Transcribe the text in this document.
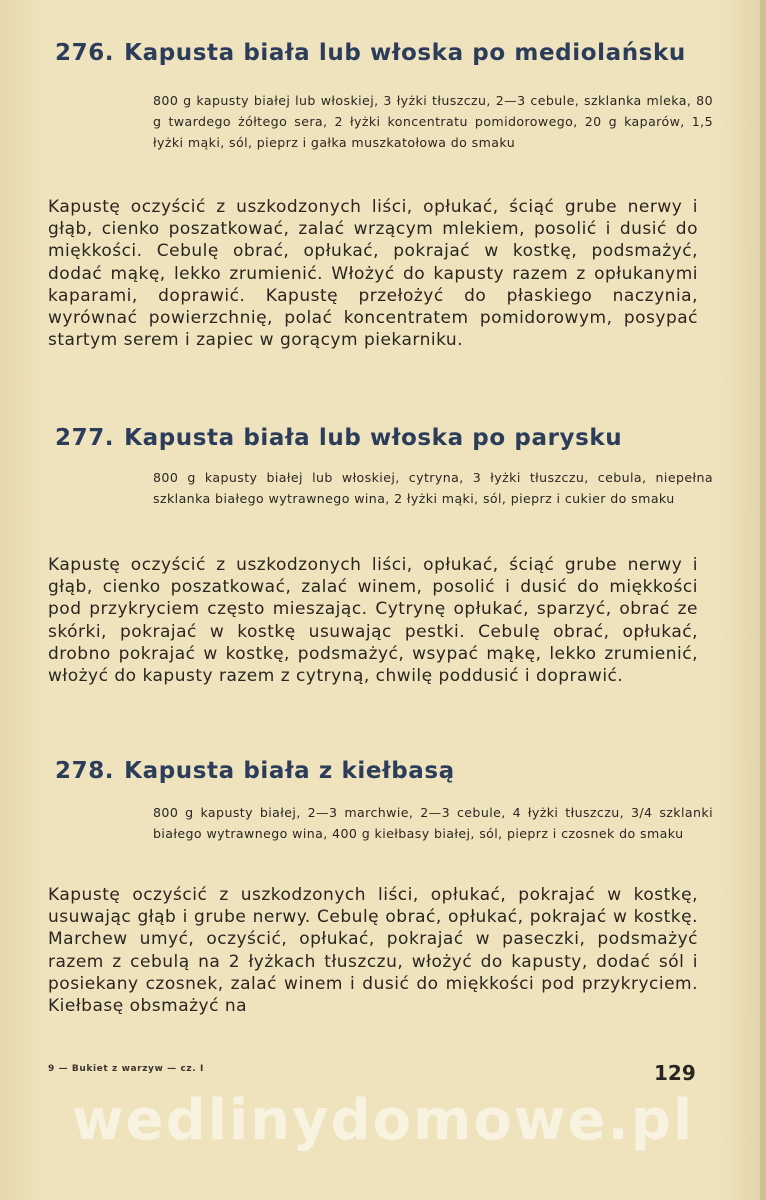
276. Kapusta biała lub włoska po mediolańsku

800 g kapusty białej lub włoskiej, 3 łyżki tłuszczu, 2—3 cebule, szklanka mleka, 80 g twardego żółtego sera, 2 łyżki koncentratu pomidorowego, 20 g kaparów, 1,5 łyżki mąki, sól, pieprz i gałka muszkatołowa do smaku

Kapustę oczyścić z uszkodzonych liści, opłukać, ściąć grube nerwy i głąb, cienko poszatkować, zalać wrzącym mlekiem, posolić i dusić do miękkości. Cebulę obrać, opłukać, pokrajać w kostkę, podsmażyć, dodać mąkę, lekko zrumienić. Włożyć do kapusty razem z opłukanymi kaparami, doprawić. Kapustę przełożyć do płaskiego naczynia, wyrównać powierzchnię, polać koncentratem pomidorowym, posypać startym serem i zapiec w gorącym piekarniku.

277. Kapusta biała lub włoska po parysku

800 g kapusty białej lub włoskiej, cytryna, 3 łyżki tłuszczu, cebula, niepełna szklanka białego wytrawnego wina, 2 łyżki mąki, sól, pieprz i cukier do smaku

Kapustę oczyścić z uszkodzonych liści, opłukać, ściąć grube nerwy i głąb, cienko poszatkować, zalać winem, posolić i dusić do miękkości pod przykryciem często mieszając. Cytrynę opłukać, sparzyć, obrać ze skórki, pokrajać w kostkę usuwając pestki. Cebulę obrać, opłukać, drobno pokrajać w kostkę, podsmażyć, wsypać mąkę, lekko zrumienić, włożyć do kapusty razem z cytryną, chwilę poddusić i doprawić.

278. Kapusta biała z kiełbasą

800 g kapusty białej, 2—3 marchwie, 2—3 cebule, 4 łyżki tłuszczu, 3/4 szklanki białego wytrawnego wina, 400 g kiełbasy białej, sól, pieprz i czosnek do smaku

Kapustę oczyścić z uszkodzonych liści, opłukać, pokrajać w kostkę, usuwając głąb i grube nerwy. Cebulę obrać, opłukać, pokrajać w kostkę. Marchew umyć, oczyścić, opłukać, pokrajać w paseczki, podsmażyć razem z cebulą na 2 łyżkach tłuszczu, włożyć do kapusty, dodać sól i posiekany czosnek, zalać winem i dusić do miękkości pod przykryciem. Kiełbasę obsmażyć na

9 — Bukiet z warzyw — cz. I	129
wedlinydomowe.pl
